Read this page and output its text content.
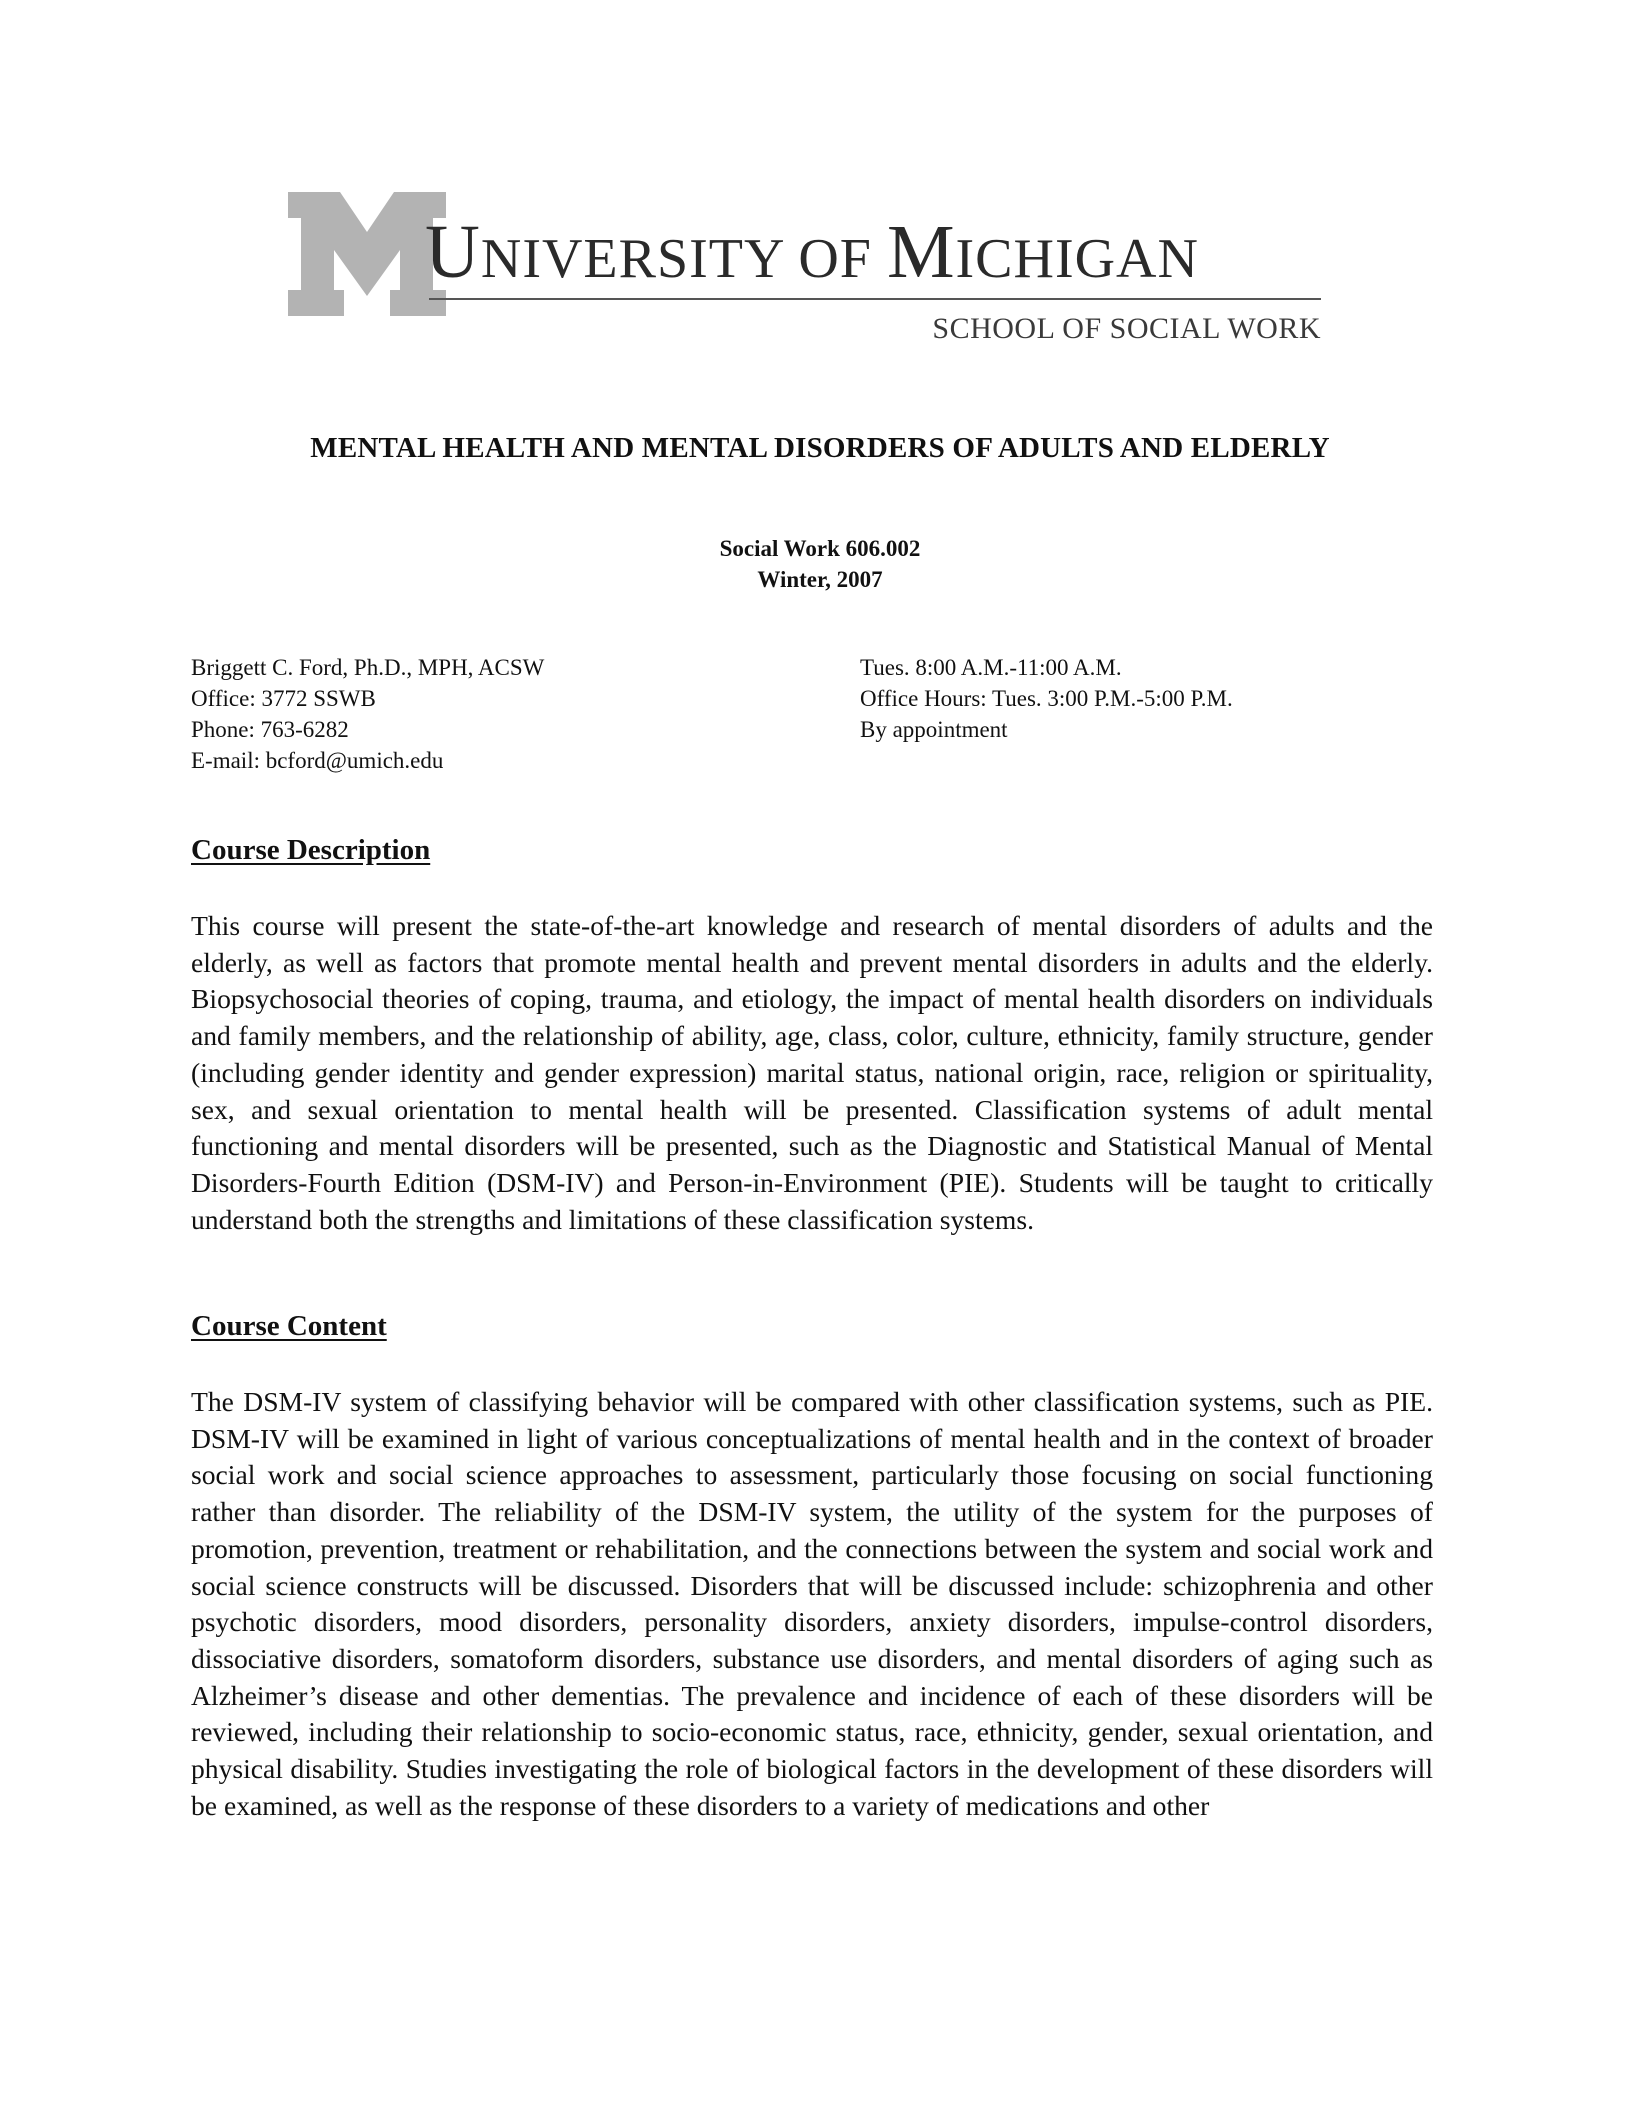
UNIVERSITY OF MICHIGAN
SCHOOL OF SOCIAL WORK
MENTAL HEALTH AND MENTAL DISORDERS OF ADULTS AND ELDERLY
Social Work 606.002
Winter, 2007
Briggett C. Ford, Ph.D., MPH, ACSW
Office: 3772 SSWB
Phone: 763-6282
E-mail: bcford@umich.edu
Tues. 8:00 A.M.-11:00 A.M.
Office Hours: Tues. 3:00 P.M.-5:00 P.M.
By appointment
Course Description
This course will present the state-of-the-art knowledge and research of mental disorders of adults and the elderly, as well as factors that promote mental health and prevent mental disorders in adults and the elderly. Biopsychosocial theories of coping, trauma, and etiology, the impact of mental health disorders on individuals and family members, and the relationship of ability, age, class, color, culture, ethnicity, family structure, gender (including gender identity and gender expression) marital status, national origin, race, religion or spirituality, sex, and sexual orientation to mental health will be presented. Classification systems of adult mental functioning and mental disorders will be presented, such as the Diagnostic and Statistical Manual of Mental Disorders-Fourth Edition (DSM-IV) and Person-in-Environment (PIE). Students will be taught to critically understand both the strengths and limitations of these classification systems.
Course Content
The DSM-IV system of classifying behavior will be compared with other classification systems, such as PIE. DSM-IV will be examined in light of various conceptualizations of mental health and in the context of broader social work and social science approaches to assessment, particularly those focusing on social functioning rather than disorder. The reliability of the DSM-IV system, the utility of the system for the purposes of promotion, prevention, treatment or rehabilitation, and the connections between the system and social work and social science constructs will be discussed. Disorders that will be discussed include: schizophrenia and other psychotic disorders, mood disorders, personality disorders, anxiety disorders, impulse-control disorders, dissociative disorders, somatoform disorders, substance use disorders, and mental disorders of aging such as Alzheimer’s disease and other dementias. The prevalence and incidence of each of these disorders will be reviewed, including their relationship to socio-economic status, race, ethnicity, gender, sexual orientation, and physical disability. Studies investigating the role of biological factors in the development of these disorders will be examined, as well as the response of these disorders to a variety of medications and other
